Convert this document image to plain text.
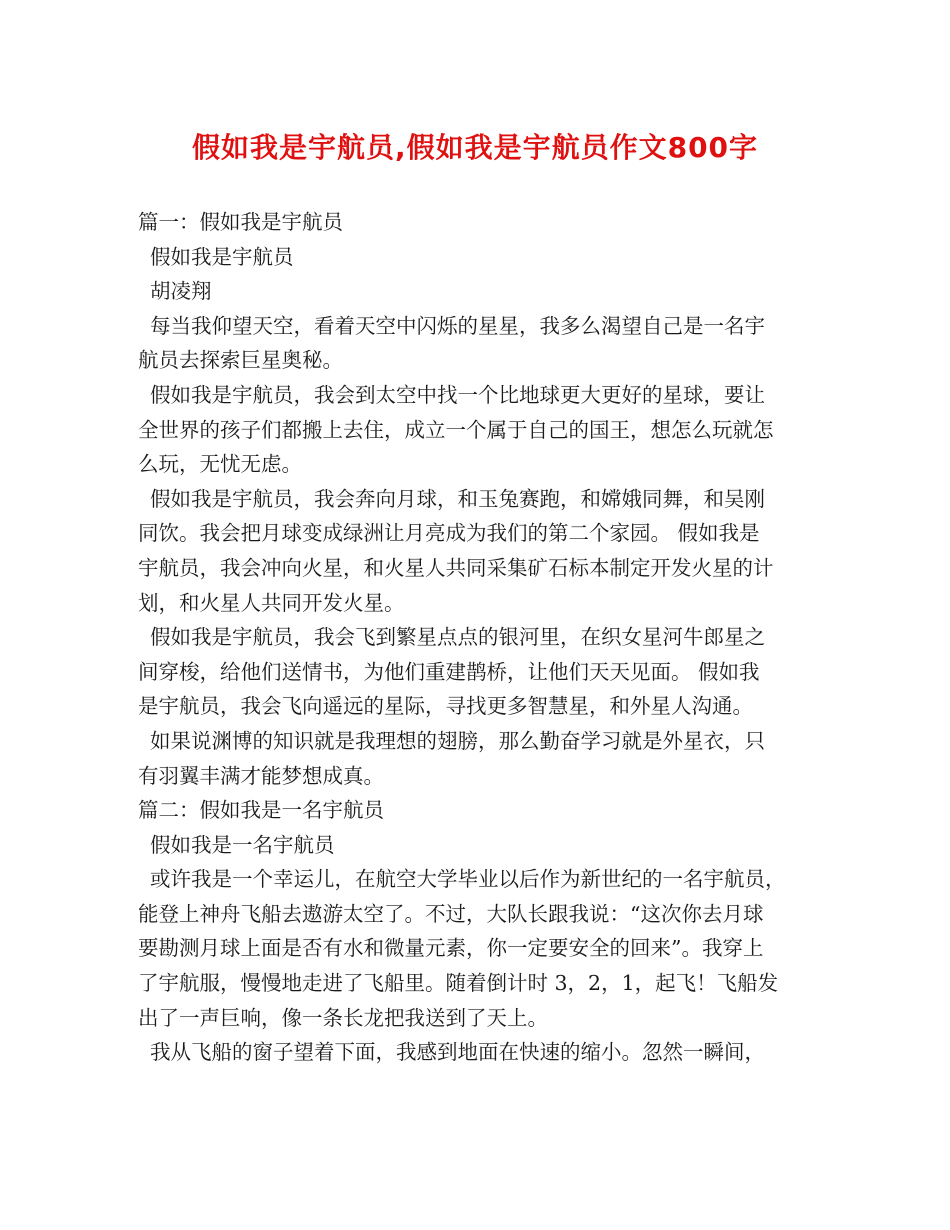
假如我是宇航员,假如我是宇航员作文800字
篇一：假如我是宇航员
假如我是宇航员
胡凌翔
每当我仰望天空，看着天空中闪烁的星星，我多么渴望自己是一名宇
航员去探索巨星奥秘。
假如我是宇航员，我会到太空中找一个比地球更大更好的星球，要让
全世界的孩子们都搬上去住，成立一个属于自己的国王，想怎么玩就怎
么玩，无忧无虑。
假如我是宇航员，我会奔向月球，和玉兔赛跑，和嫦娥同舞，和吴刚
同饮。我会把月球变成绿洲让月亮成为我们的第二个家园。 假如我是
宇航员，我会冲向火星，和火星人共同采集矿石标本制定开发火星的计
划，和火星人共同开发火星。
假如我是宇航员，我会飞到繁星点点的银河里，在织女星河牛郎星之
间穿梭，给他们送情书，为他们重建鹊桥，让他们天天见面。 假如我
是宇航员，我会飞向遥远的星际，寻找更多智慧星，和外星人沟通。
如果说渊博的知识就是我理想的翅膀，那么勤奋学习就是外星衣，只
有羽翼丰满才能梦想成真。
篇二：假如我是一名宇航员
假如我是一名宇航员
或许我是一个幸运儿，在航空大学毕业以后作为新世纪的一名宇航员，
能登上神舟飞船去遨游太空了。不过，大队长跟我说：“这次你去月球
要勘测月球上面是否有水和微量元素，你一定要安全的回来”。我穿上
了宇航服，慢慢地走进了飞船里。随着倒计时 3，2，1，起飞！飞船发
出了一声巨响，像一条长龙把我送到了天上。
我从飞船的窗子望着下面，我感到地面在快速的缩小。忽然一瞬间，
